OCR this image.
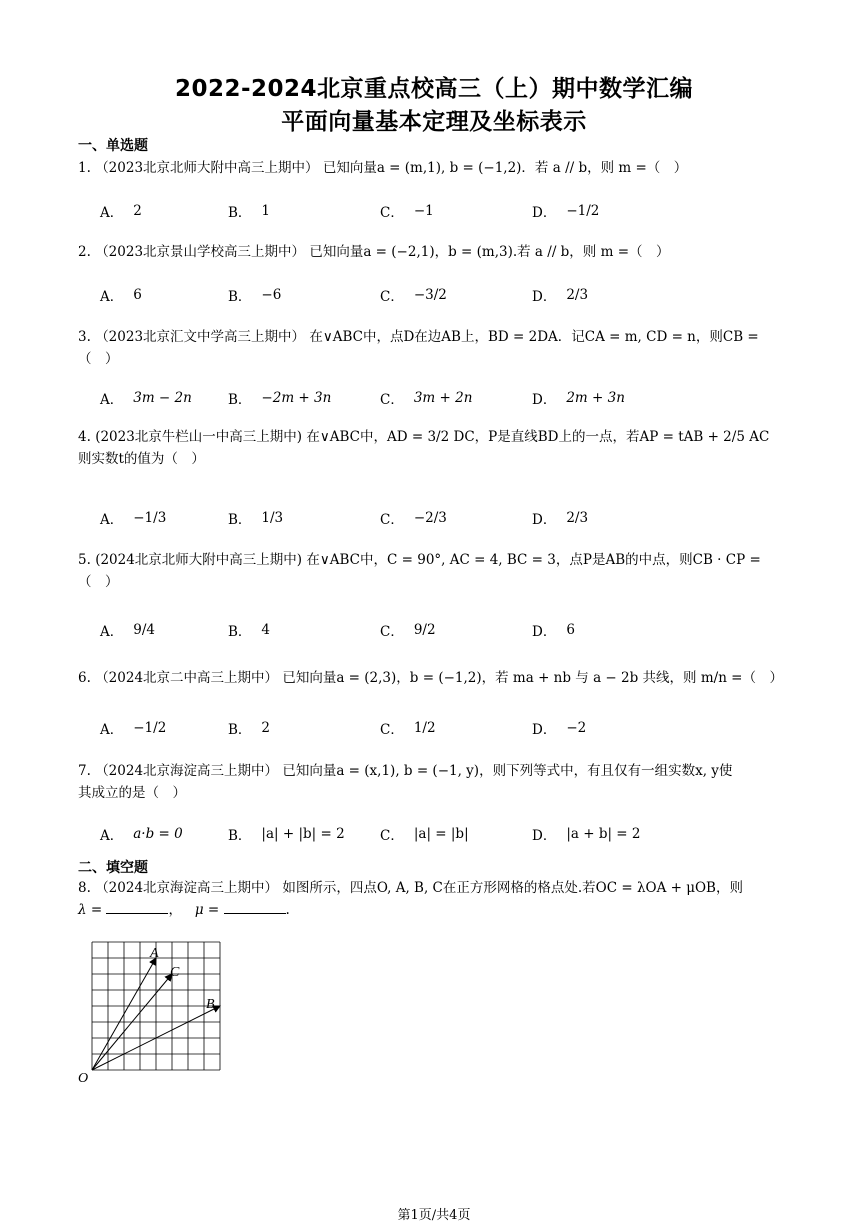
2022-2024北京重点校高三（上）期中数学汇编
平面向量基本定理及坐标表示
一、单选题
1. （2023北京北师大附中高三上期中） 已知向量a = (m,1), b = (−1,2)．若 a // b，则 m =（　）
A． 2	B． 1	C． −1	D． −1/2
2. （2023北京景山学校高三上期中） 已知向量a = (−2,1)，b = (m,3).若 a // b，则 m =（　）
A． 6	B． −6	C． −3/2	D． 2/3
3. （2023北京汇文中学高三上期中） 在∨ABC中，点D在边AB上，BD = 2DA．记CA = m, CD = n，则CB =
（　）
A． 3m − 2n	B． −2m + 3n	C． 3m + 2n	D． 2m + 3n
4. (2023北京牛栏山一中高三上期中) 在∨ABC中，AD = 3/2 DC，P是直线BD上的一点，若AP = tAB + 2/5 AC
则实数t的值为（　）
A． −1/3	B． 1/3	C． −2/3	D． 2/3
5. (2024北京北师大附中高三上期中) 在∨ABC中，C = 90°, AC = 4, BC = 3，点P是AB的中点，则CB · CP =
（　）
A． 9/4	B． 4	C． 9/2	D． 6
6. （2024北京二中高三上期中） 已知向量a = (2,3)，b = (−1,2)，若 ma + nb 与 a − 2b 共线，则 m/n =（　）
A． −1/2	B． 2	C． 1/2	D． −2
7. （2024北京海淀高三上期中） 已知向量a = (x,1), b = (−1, y)，则下列等式中，有且仅有一组实数x, y使
其成立的是（　）
A． a·b = 0	B． |a| + |b| = 2	C． |a| = |b|	D． |a + b| = 2
二、填空题
8. （2024北京海淀高三上期中） 如图所示，四点O, A, B, C在正方形网格的格点处.若OC = λOA + μOB，则
λ =	， μ =	.
O
A
C
B
第1页/共4页
